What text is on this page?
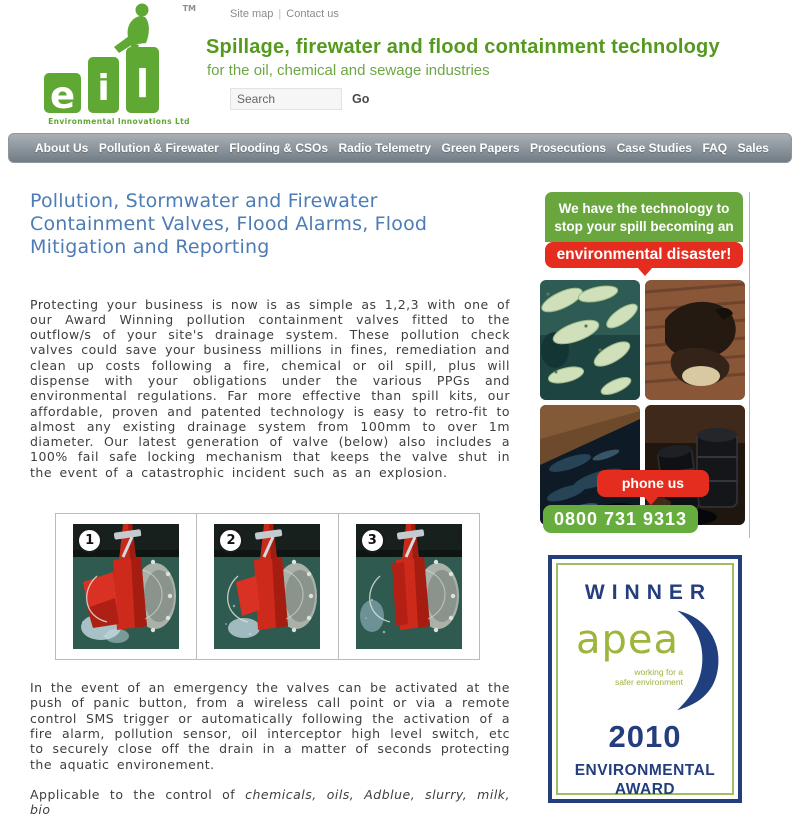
TM
e i l
Environmental Innovations Ltd
Site map | Contact us
Spillage, firewater and flood containment technology
for the oil, chemical and sewage industries
Search
Go
About Us Pollution & Firewater Flooding & CSOs Radio Telemetry Green Papers Prosecutions Case Studies FAQ Sales
Pollution, Stormwater and Firewater Containment Valves, Flood Alarms, Flood Mitigation and Reporting

Protecting your business is now is as simple as 1,2,3 with one of our Award Winning pollution containment valves fitted to the outflow/s of your site's drainage system. These pollution check valves could save your business millions in fines, remediation and clean up costs following a fire, chemical or oil spill, plus will dispense with your obligations under the various PPGs and environmental regulations. Far more effective than spill kits, our affordable, proven and patented technology is easy to retro-fit to almost any existing drainage system from 100mm to over 1m diameter. Our latest generation of valve (below) also includes a 100% fail safe locking mechanism that keeps the valve shut in the event of a catastrophic incident such as an explosion.

1	2	3

In the event of an emergency the valves can be activated at the push of panic button, from a wireless call point or via a remote control SMS trigger or automatically following the activation of a fire alarm, pollution sensor, oil interceptor high level switch, etc to securely close off the drain in a matter of seconds protecting the aquatic environement.

Applicable to the control of chemicals, oils, Adblue, slurry, milk, bio

We have the technology to
stop your spill becoming an
environmental disaster!
phone us
0800 731 9313
WINNER
apea
working for a
safer environment
2010
ENVIRONMENTAL
AWARD
